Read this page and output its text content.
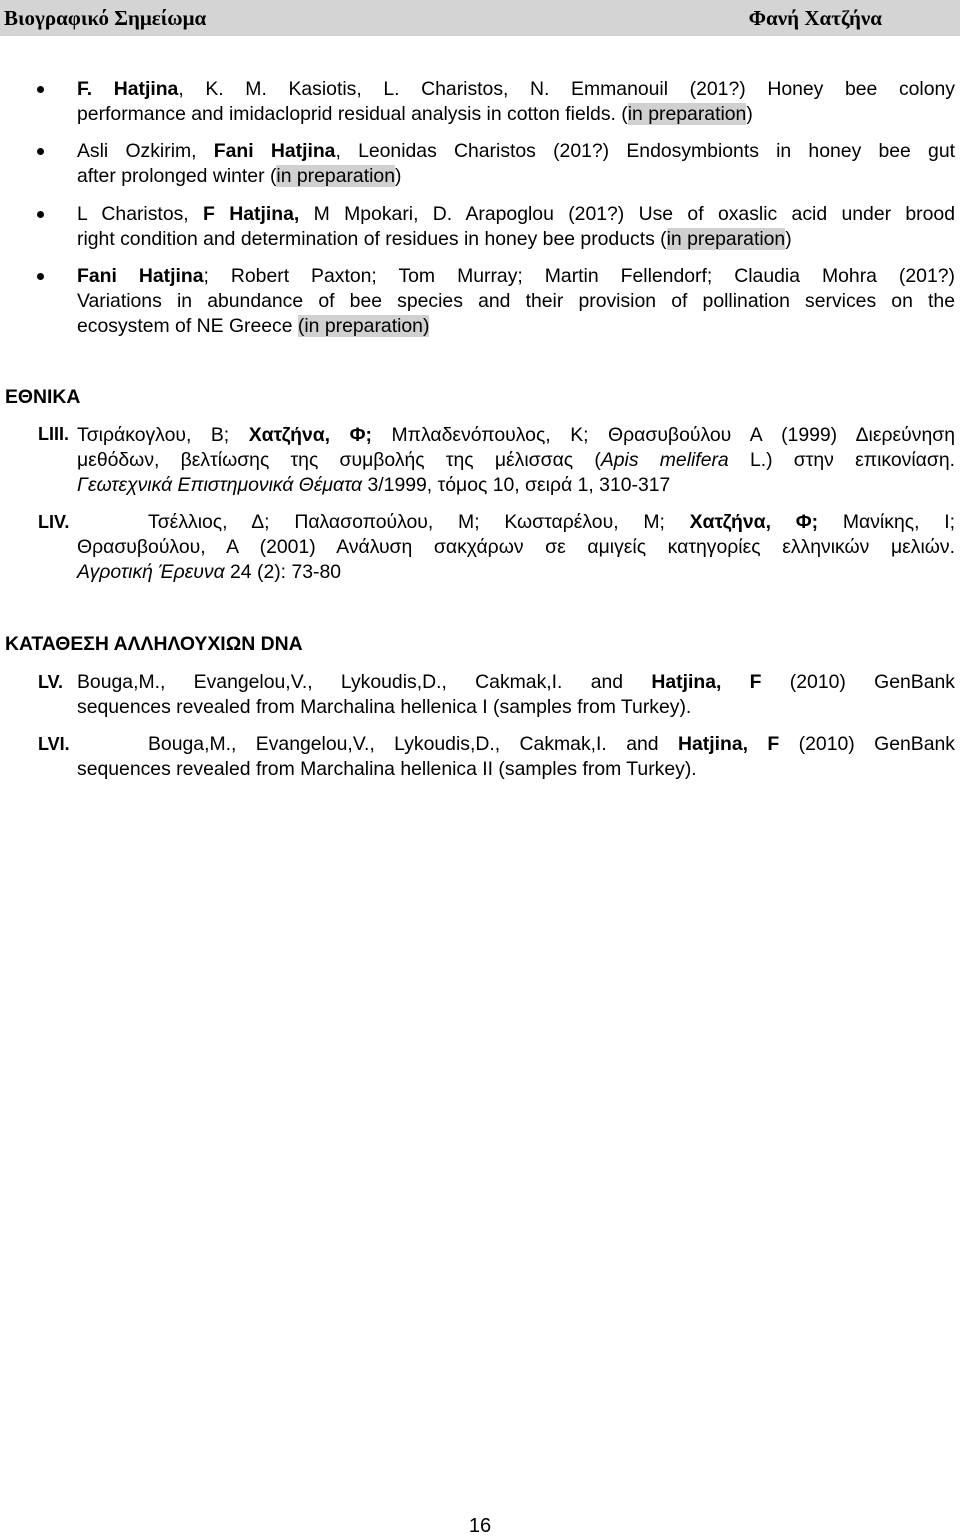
Βιογραφικό Σημείωμα	Φανή Χατζήνα
F. Hatjina, K. M. Kasiotis, L. Charistos, N. Emmanouil (201?) Honey bee colony
performance and imidacloprid residual analysis in cotton fields. (in preparation)
Asli Ozkirim, Fani Hatjina, Leonidas Charistos (201?) Endosymbionts in honey bee gut
after prolonged winter (in preparation)
L Charistos, F Hatjina, M Mpokari, D. Arapoglou (201?) Use of oxaslic acid under brood
right condition and determination of residues in honey bee products (in preparation)
Fani Hatjina; Robert Paxton; Tom Murray; Martin Fellendorf; Claudia Mohra (201?)
Variations in abundance of bee species and their provision of pollination services on the
ecosystem of NE Greece (in preparation)
ΕΘΝΙΚΑ
LIII. Τσιράκογλου, Β; Χατζήνα, Φ; Μπλαδενόπουλος, Κ; Θρασυβούλου Α (1999) Διερεύνηση
μεθόδων, βελτίωσης της συμβολής της μέλισσας (Apis melifera L.) στην επικονίαση.
Γεωτεχνικά Επιστημονικά Θέματα 3/1999, τόμος 10, σειρά 1, 310-317
LIV.	Τσέλλιος, Δ; Παλασοπούλου, Μ; Κωσταρέλου, Μ; Χατζήνα, Φ; Μανίκης, Ι;
Θρασυβούλου, Α (2001) Ανάλυση σακχάρων σε αμιγείς κατηγορίες ελληνικών μελιών.
Αγροτική Έρευνα 24 (2): 73-80
ΚΑΤΑΘΕΣΗ ΑΛΛΗΛΟΥΧΙΩΝ DNA
LV. Bouga,M., Evangelou,V., Lykoudis,D., Cakmak,I. and Hatjina, F (2010) GenBank
sequences revealed from Marchalina hellenica I (samples from Turkey).
LVI.	Bouga,M., Evangelou,V., Lykoudis,D., Cakmak,I. and Hatjina, F (2010) GenBank
sequences revealed from Marchalina hellenica II (samples from Turkey).
16
